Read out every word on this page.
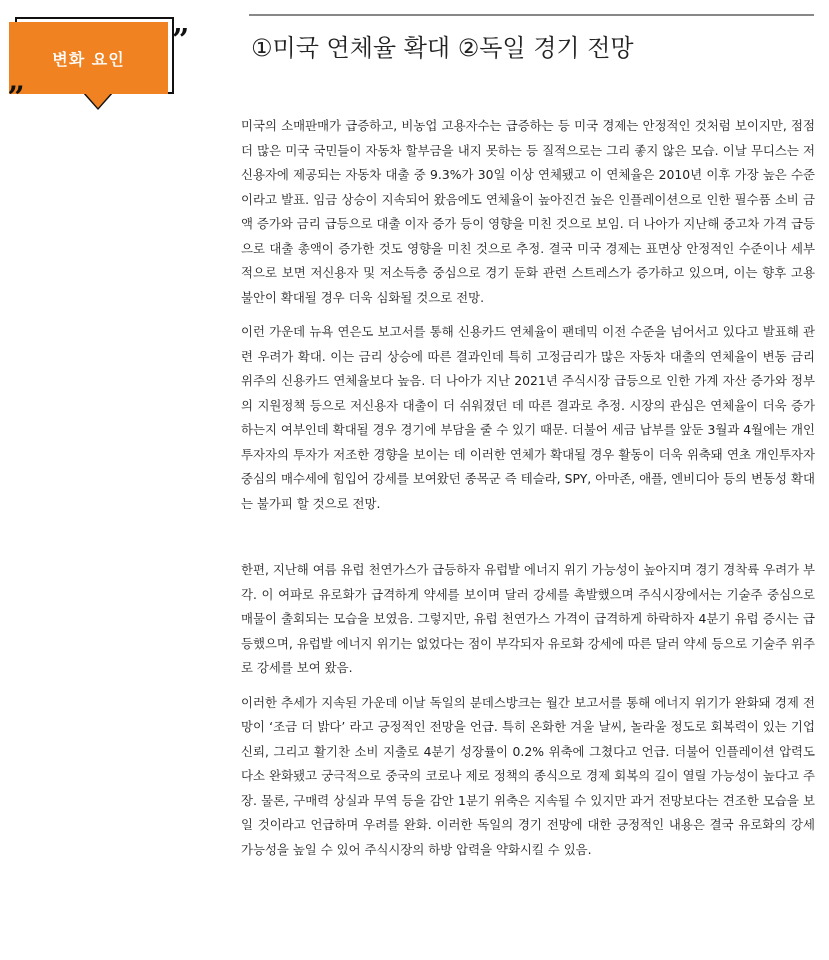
변화 요인
”
„
①미국 연체율 확대 ②독일 경기 전망

미국의 소매판매가 급증하고, 비농업 고용자수는 급증하는 등 미국 경제는 안정적인 것처럼 보이지만, 점점 더 많은 미국 국민들이 자동차 할부금을 내지 못하는 등 질적으로는 그리 좋지 않은 모습. 이날 무디스는 저 신용자에 제공되는 자동차 대출 중 9.3%가 30일 이상 연체됐고 이 연체율은 2010년 이후 가장 높은 수준이라고 발표. 임금 상승이 지속되어 왔음에도 연체율이 높아진건 높은 인플레이션으로 인한 필수품 소비 금액 증가와 금리 급등으로 대출 이자 증가 등이 영향을 미친 것으로 보임. 더 나아가 지난해 중고차 가격 급등으로 대출 총액이 증가한 것도 영향을 미친 것으로 추정. 결국 미국 경제는 표면상 안정적인 수준이나 세부적으로 보면 저신용자 및 저소득층 중심으로 경기 둔화 관련 스트레스가 증가하고 있으며, 이는 향후 고용 불안이 확대될 경우 더욱 심화될 것으로 전망.

이런 가운데 뉴욕 연은도 보고서를 통해 신용카드 연체율이 팬데믹 이전 수준을 넘어서고 있다고 발표해 관련 우려가 확대. 이는 금리 상승에 따른 결과인데 특히 고정금리가 많은 자동차 대출의 연체율이 변동 금리 위주의 신용카드 연체율보다 높음. 더 나아가 지난 2021년 주식시장 급등으로 인한 가계 자산 증가와 정부의 지원정책 등으로 저신용자 대출이 더 쉬워졌던 데 따른 결과로 추정. 시장의 관심은 연체율이 더욱 증가하는지 여부인데 확대될 경우 경기에 부담을 줄 수 있기 때문. 더불어 세금 납부를 앞둔 3월과 4월에는 개인 투자자의 투자가 저조한 경향을 보이는 데 이러한 연체가 확대될 경우 활동이 더욱 위축돼 연초 개인투자자 중심의 매수세에 힘입어 강세를 보여왔던 종목군 즉 테슬라, SPY, 아마존, 애플, 엔비디아 등의 변동성 확대는 불가피 할 것으로 전망.

한편, 지난해 여름 유럽 천연가스가 급등하자 유럽발 에너지 위기 가능성이 높아지며 경기 경착륙 우려가 부각. 이 여파로 유로화가 급격하게 약세를 보이며 달러 강세를 촉발했으며 주식시장에서는 기술주 중심으로 매물이 출회되는 모습을 보였음. 그렇지만, 유럽 천연가스 가격이 급격하게 하락하자 4분기 유럽 증시는 급등했으며, 유럽발 에너지 위기는 없었다는 점이 부각되자 유로화 강세에 따른 달러 약세 등으로 기술주 위주로 강세를 보여 왔음.

이러한 추세가 지속된 가운데 이날 독일의 분데스방크는 월간 보고서를 통해 에너지 위기가 완화돼 경제 전망이 ‘조금 더 밝다’ 라고 긍정적인 전망을 언급. 특히 온화한 겨울 날씨, 놀라울 정도로 회복력이 있는 기업 신뢰, 그리고 활기찬 소비 지출로 4분기 성장률이 0.2% 위축에 그쳤다고 언급. 더불어 인플레이션 압력도 다소 완화됐고 궁극적으로 중국의 코로나 제로 정책의 종식으로 경제 회복의 길이 열릴 가능성이 높다고 주장. 물론, 구매력 상실과 무역 등을 감안 1분기 위축은 지속될 수 있지만 과거 전망보다는 견조한 모습을 보일 것이라고 언급하며 우려를 완화. 이러한 독일의 경기 전망에 대한 긍정적인 내용은 결국 유로화의 강세 가능성을 높일 수 있어 주식시장의 하방 압력을 약화시킬 수 있음.
